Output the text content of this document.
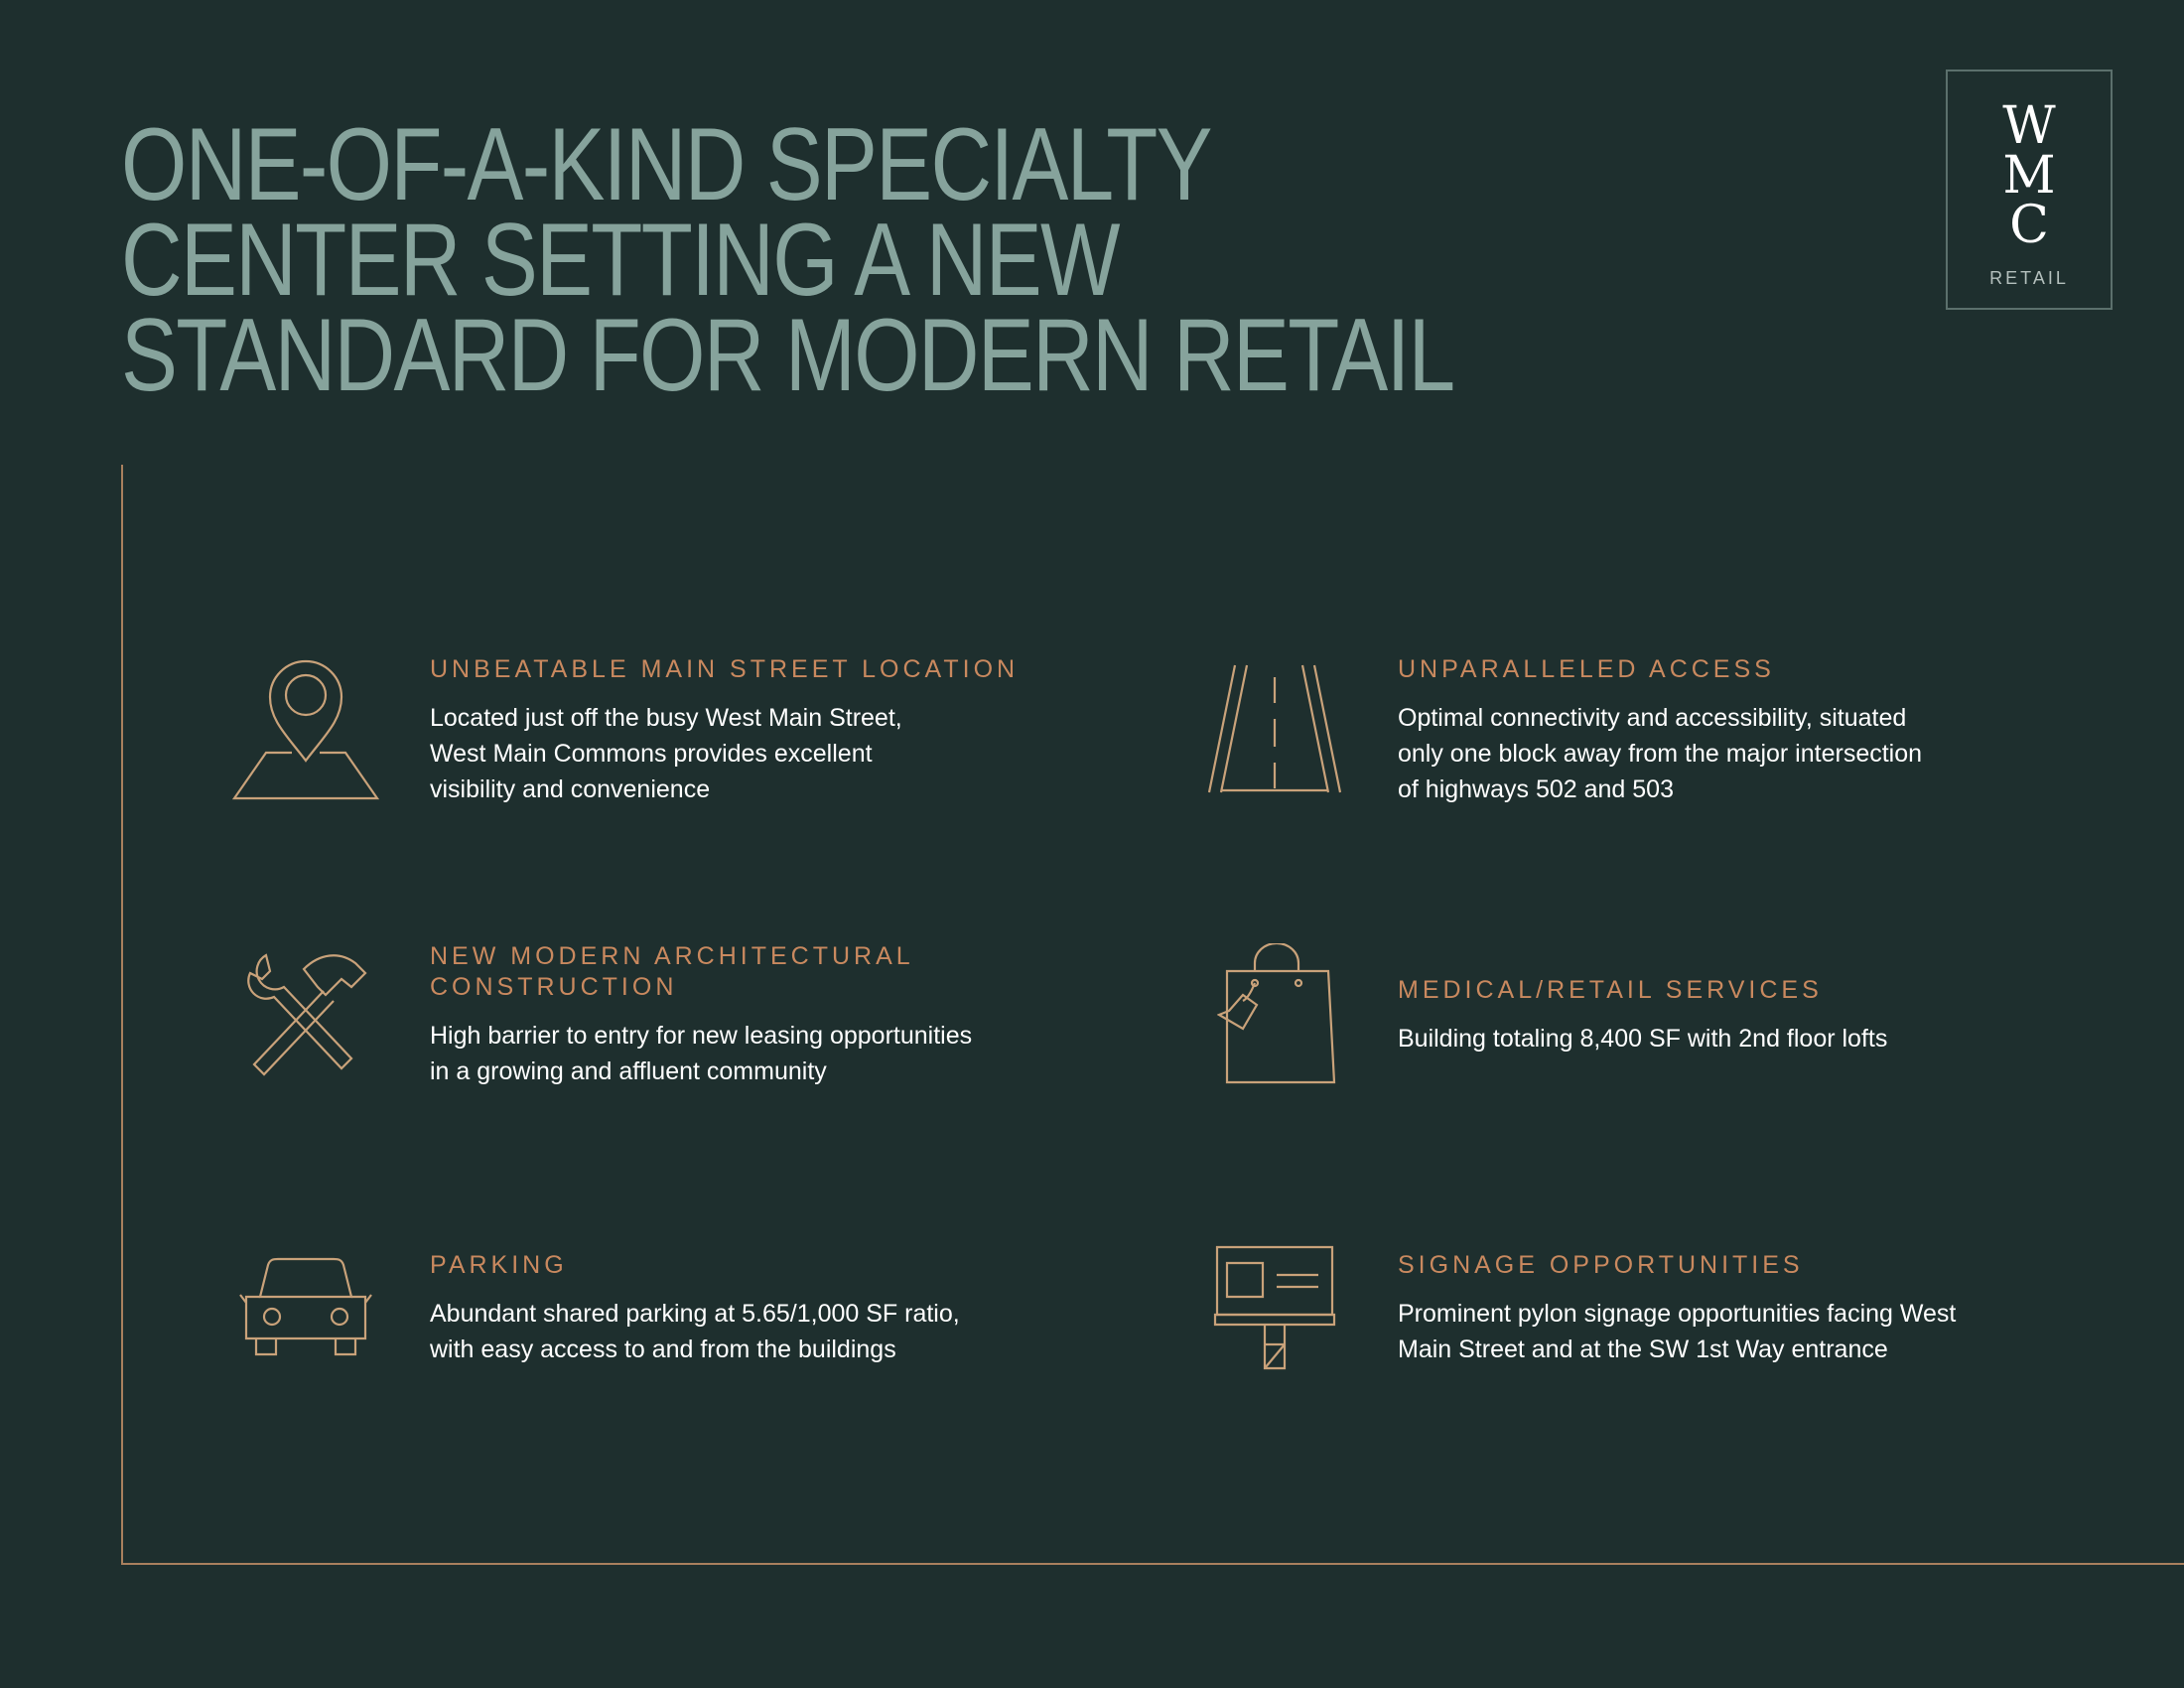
ONE-OF-A-KIND SPECIALTY
CENTER SETTING A NEW
STANDARD FOR MODERN RETAIL
W
M
C
RETAIL
UNBEATABLE MAIN STREET LOCATION

Located just off the busy West Main Street,
West Main Commons provides excellent
visibility and convenience

UNPARALLELED ACCESS

Optimal connectivity and accessibility, situated
only one block away from the major intersection
of highways 502 and 503

NEW MODERN ARCHITECTURAL
CONSTRUCTION

High barrier to entry for new leasing opportunities
in a growing and affluent community

MEDICAL/RETAIL SERVICES

Building totaling 8,400 SF with 2nd floor lofts

PARKING

Abundant shared parking at 5.65/1,000 SF ratio,
with easy access to and from the buildings

SIGNAGE OPPORTUNITIES

Prominent pylon signage opportunities facing West
Main Street and at the SW 1st Way entrance
